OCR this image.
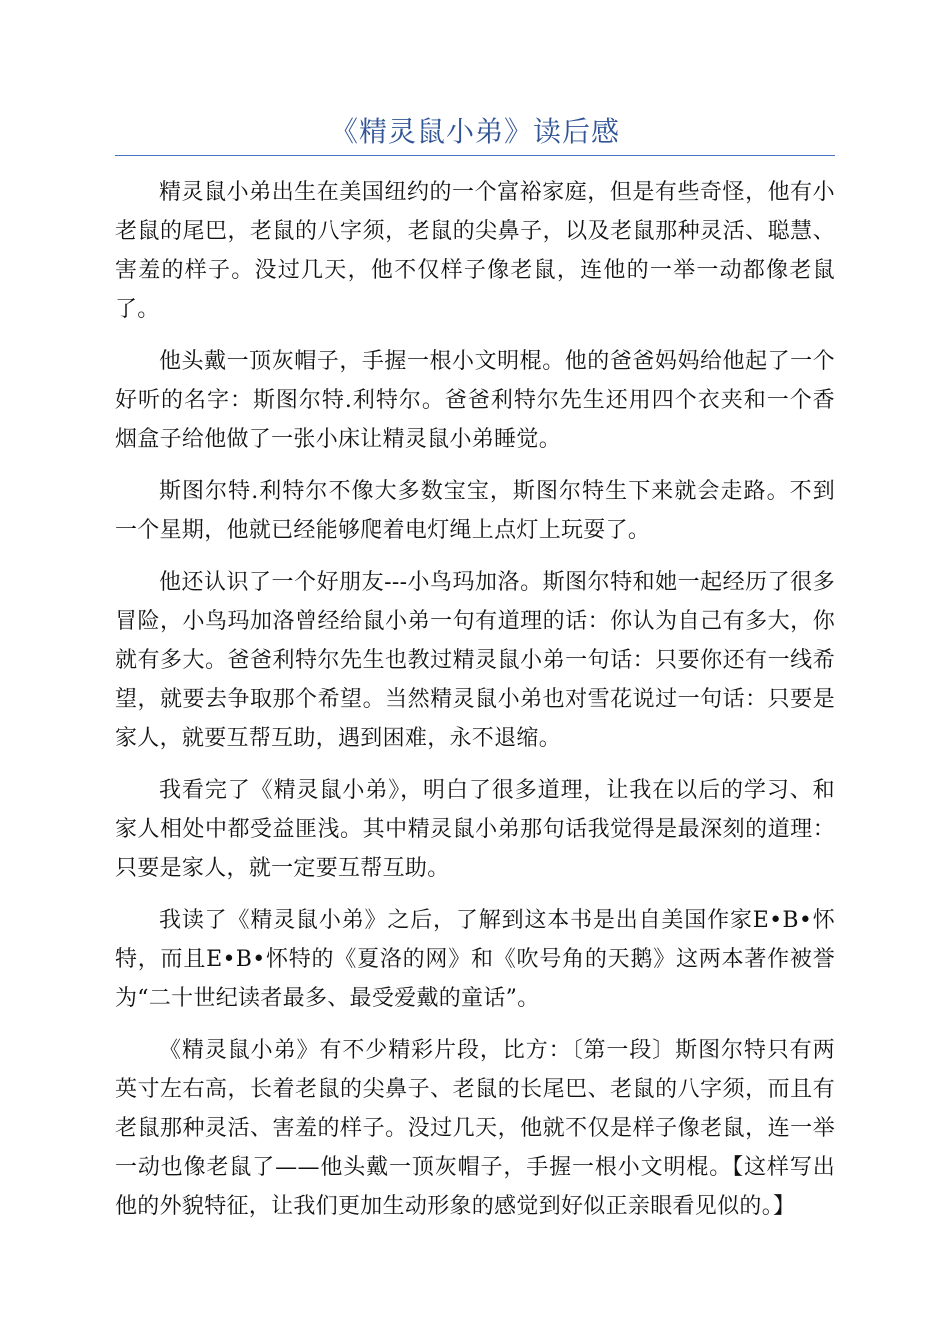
《精灵鼠小弟》读后感

精灵鼠小弟出生在美国纽约的一个富裕家庭，但是有些奇怪，他有小老鼠的尾巴，老鼠的八字须，老鼠的尖鼻子，以及老鼠那种灵活、聪慧、害羞的样子。没过几天，他不仅样子像老鼠，连他的一举一动都像老鼠了。

他头戴一顶灰帽子，手握一根小文明棍。他的爸爸妈妈给他起了一个好听的名字：斯图尔特.利特尔。爸爸利特尔先生还用四个衣夹和一个香烟盒子给他做了一张小床让精灵鼠小弟睡觉。

斯图尔特.利特尔不像大多数宝宝，斯图尔特生下来就会走路。不到一个星期，他就已经能够爬着电灯绳上点灯上玩耍了。

他还认识了一个好朋友---小鸟玛加洛。斯图尔特和她一起经历了很多冒险，小鸟玛加洛曾经给鼠小弟一句有道理的话：你认为自己有多大，你就有多大。爸爸利特尔先生也教过精灵鼠小弟一句话：只要你还有一线希望，就要去争取那个希望。当然精灵鼠小弟也对雪花说过一句话：只要是家人，就要互帮互助，遇到困难，永不退缩。

我看完了《精灵鼠小弟》，明白了很多道理，让我在以后的学习、和家人相处中都受益匪浅。其中精灵鼠小弟那句话我觉得是最深刻的道理：只要是家人，就一定要互帮互助。

我读了《精灵鼠小弟》之后，了解到这本书是出自美国作家E•B•怀特，而且E•B•怀特的《夏洛的网》和《吹号角的天鹅》这两本著作被誉为“二十世纪读者最多、最受爱戴的童话”。

《精灵鼠小弟》有不少精彩片段，比方：〔第一段〕斯图尔特只有两英寸左右高，长着老鼠的尖鼻子、老鼠的长尾巴、老鼠的八字须，而且有老鼠那种灵活、害羞的样子。没过几天，他就不仅是样子像老鼠，连一举一动也像老鼠了——他头戴一顶灰帽子，手握一根小文明棍。【这样写出他的外貌特征，让我们更加生动形象的感觉到好似正亲眼看见似的。】
